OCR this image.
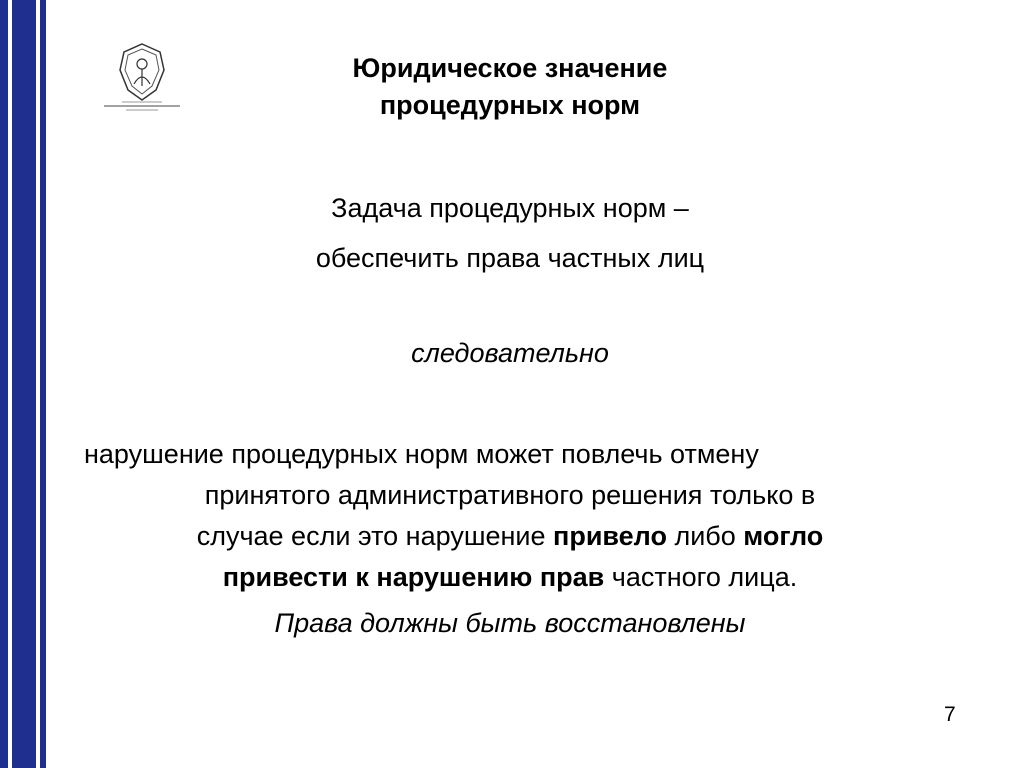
Юридическое значение
процедурных норм
Задача процедурных норм –
обеспечить права частных лиц
следовательно
нарушение процедурных норм может повлечь отмену
принятого административного решения только в
случае если это нарушение привело либо могло
привести к нарушению прав частного лица.
Права должны быть восстановлены
7
